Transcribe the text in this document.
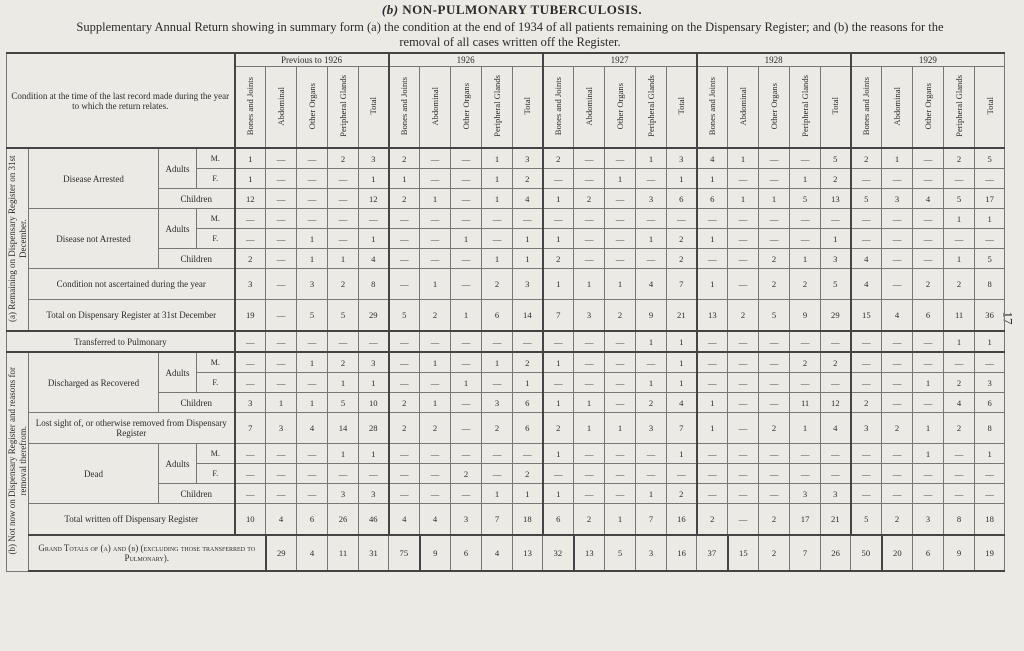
(b) NON-PULMONARY TUBERCULOSIS.
Supplementary Annual Return showing in summary form (a) the condition at the end of 1934 of all patients remaining on the Dispensary Register; and (b) the reasons for the removal of all cases written off the Register.
17
Condition at the time of the last record made during the year to which the return relates.				Previous to 1926					1926					1927					1928					1929					
				Bones and Joints	Abdominal	Other Organs	Peripheral Glands	Total	Bones and Joints	Abdominal	Other Organs	Peripheral Glands	Total	Bones and Joints	Abdominal	Other Organs	Peripheral Glands	Total	Bones and Joints	Abdominal	Other Organs	Peripheral Glands	Total	Bones and Joints	Abdominal	Other Organs	Peripheral Glands	Total	
(a) Remaining on Dispensary Register on 31st December.	Disease Arrested	Adults	M.	1	—	—	2	3	2	—	—	1	3	2	—	—	1	3	4	1	—	—	5	2	1	—	2	5	
			F.	1	—	—	—	1	1	—	—	1	2	—	—	1	—	1	1	—	—	1	2	—	—	—	—	—	
		Children		12	—	—	—	12	2	1	—	1	4	1	2	—	3	6	6	1	1	5	13	5	3	4	5	17	
	Disease not Arrested	Adults	M.	—	—	—	—	—	—	—	—	—	—	—	—	—	—	—	—	—	—	—	—	—	—	—	1	1	
			F.	—	—	1	—	1	—	—	1	—	1	1	—	—	1	2	1	—	—	—	1	—	—	—	—	—	
		Children		2	—	1	1	4	—	—	—	1	1	2	—	—	—	2	—	—	2	1	3	4	—	—	1	5	
	Condition not ascertained during the year			3	—	3	2	8	—	1	—	2	3	1	1	1	4	7	1	—	2	2	5	4	—	2	2	8	
	Total on Dispensary Register at 31st December			19	—	5	5	29	5	2	1	6	14	7	3	2	9	21	13	2	5	9	29	15	4	6	11	36	
Transferred to Pulmonary				—	—	—	—	—	—	—	—	—	—	—	—	—	1	1	—	—	—	—	—	—	—	—	1	1	
(b) Not now on Dispensary Register and reasons for removal therefrom.	Discharged as Recovered	Adults	M.	—	—	1	2	3	—	1	—	1	2	1	—	—	—	1	—	—	—	2	2	—	—	—	—	—	
			F.	—	—	—	1	1	—	—	1	—	1	—	—	—	1	1	—	—	—	—	—	—	—	1	2	3	
		Children		3	1	1	5	10	2	1	—	3	6	1	1	—	2	4	1	—	—	11	12	2	—	—	4	6	
	Lost sight of, or otherwise removed from Dispensary Register			7	3	4	14	28	2	2	—	2	6	2	1	1	3	7	1	—	2	1	4	3	2	1	2	8	
	Dead	Adults	M.	—	—	—	1	1	—	—	—	—	—	1	—	—	—	1	—	—	—	—	—	—	—	1	—	1	
			F.	—	—	—	—	—	—	—	2	—	2	—	—	—	—	—	—	—	—	—	—	—	—	—	—	—	
		Children		—	—	—	3	3	—	—	—	1	1	1	—	—	1	2	—	—	—	3	3	—	—	—	—	—	
	Total written off Dispensary Register			10	4	6	26	46	4	4	3	7	18	6	2	1	7	16	2	—	2	17	21	5	2	3	8	18	
	Grand Totals of (a) and (b) (excluding those transferred to Pulmonary).				29	4	11	31	75	9	6	4	13	32	13	5	3	16	37	15	2	7	26	50	20	6	9	19	
